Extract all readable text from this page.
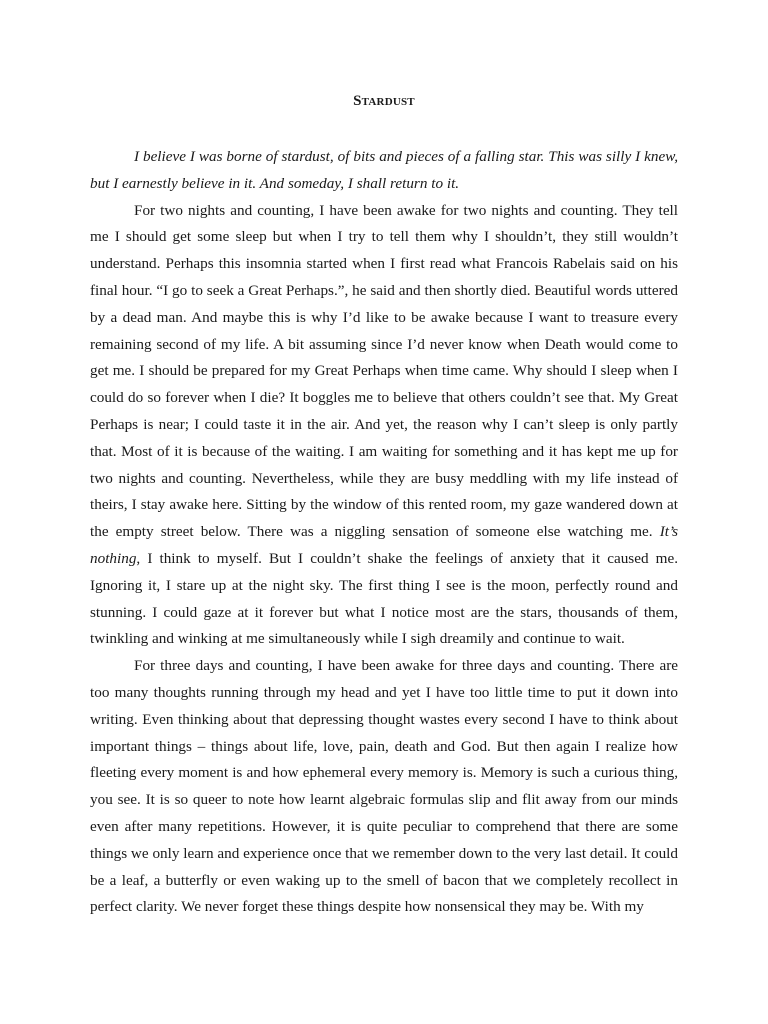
Stardust

I believe I was borne of stardust, of bits and pieces of a falling star. This was silly I knew, but I earnestly believe in it. And someday, I shall return to it.

For two nights and counting, I have been awake for two nights and counting. They tell me I should get some sleep but when I try to tell them why I shouldn’t, they still wouldn’t understand. Perhaps this insomnia started when I first read what Francois Rabelais said on his final hour. “I go to seek a Great Perhaps.”, he said and then shortly died. Beautiful words uttered by a dead man. And maybe this is why I’d like to be awake because I want to treasure every remaining second of my life. A bit assuming since I’d never know when Death would come to get me. I should be prepared for my Great Perhaps when time came. Why should I sleep when I could do so forever when I die? It boggles me to believe that others couldn’t see that. My Great Perhaps is near; I could taste it in the air. And yet, the reason why I can’t sleep is only partly that. Most of it is because of the waiting. I am waiting for something and it has kept me up for two nights and counting. Nevertheless, while they are busy meddling with my life instead of theirs, I stay awake here. Sitting by the window of this rented room, my gaze wandered down at the empty street below. There was a niggling sensation of someone else watching me. It’s nothing, I think to myself. But I couldn’t shake the feelings of anxiety that it caused me. Ignoring it, I stare up at the night sky. The first thing I see is the moon, perfectly round and stunning. I could gaze at it forever but what I notice most are the stars, thousands of them, twinkling and winking at me simultaneously while I sigh dreamily and continue to wait.

For three days and counting, I have been awake for three days and counting. There are too many thoughts running through my head and yet I have too little time to put it down into writing. Even thinking about that depressing thought wastes every second I have to think about important things – things about life, love, pain, death and God. But then again I realize how fleeting every moment is and how ephemeral every memory is. Memory is such a curious thing, you see. It is so queer to note how learnt algebraic formulas slip and flit away from our minds even after many repetitions. However, it is quite peculiar to comprehend that there are some things we only learn and experience once that we remember down to the very last detail. It could be a leaf, a butterfly or even waking up to the smell of bacon that we completely recollect in perfect clarity. We never forget these things despite how nonsensical they may be. With my
